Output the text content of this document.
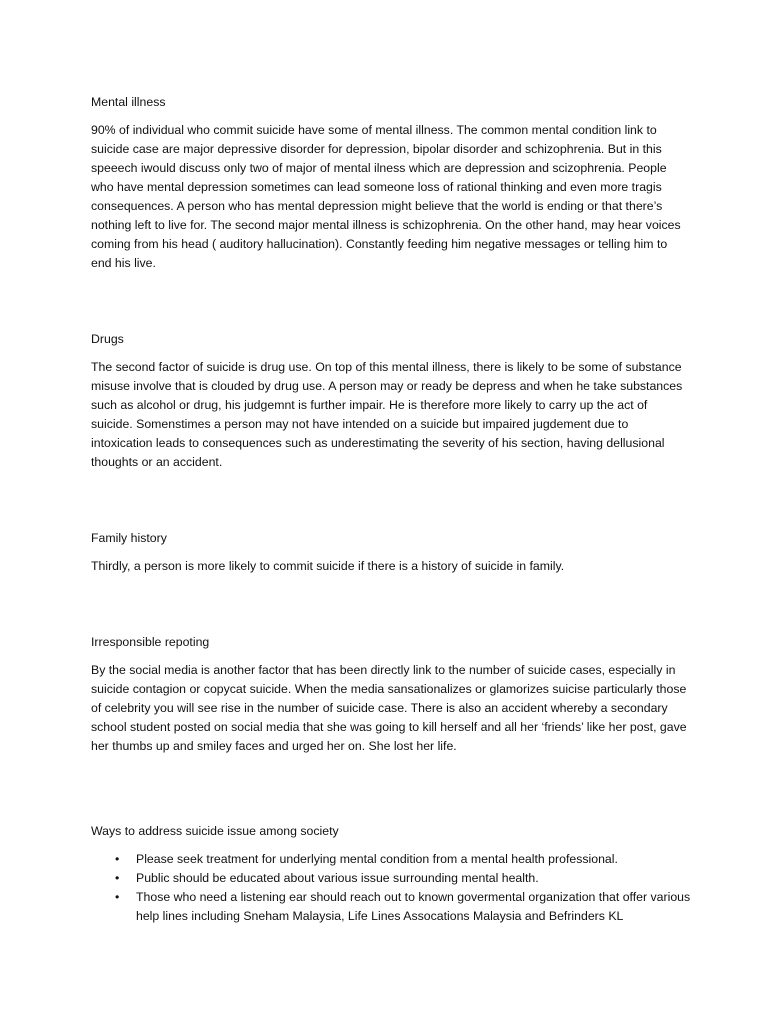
Mental illness

90% of individual who commit suicide have some of mental illness. The common mental condition link to suicide case are major depressive disorder for depression, bipolar disorder and schizophrenia. But in this speeech iwould discuss only two of major of mental ilness which are depression and scizophrenia. People who have mental depression sometimes can lead someone loss of rational thinking and even more tragis consequences. A person who has mental depression might believe that the world is ending or that there’s nothing left to live for. The second major mental illness is schizophrenia. On the other hand, may hear voices coming from his head ( auditory hallucination). Constantly feeding him negative messages or telling him to end his live.

Drugs

The second factor of suicide is drug use. On top of this mental illness, there is likely to be some of substance misuse involve that is clouded by drug use. A person may or ready be depress and when he take substances such as alcohol or drug, his judgemnt is further impair. He is therefore more likely to carry up the act of suicide. Somenstimes a person may not have intended on a suicide but impaired jugdement due to intoxication leads to consequences such as underestimating the severity of his section, having dellusional thoughts or an accident.

Family history

Thirdly, a person is more likely to commit suicide if there is a history of suicide in family.

Irresponsible repoting

By the social media is another factor that has been directly link to the number of suicide cases, especially in suicide contagion or copycat suicide. When the media sansationalizes or glamorizes suicise particularly those of celebrity you will see rise in the number of suicide case. There is also an accident whereby a secondary school student posted on social media that she was going to kill herself and all her ‘friends’ like her post, gave her thumbs up and smiley faces and urged her on. She lost her life.

Ways to address suicide issue among society
• Please seek treatment for underlying mental condition from a mental health professional.
• Public should be educated about various issue surrounding mental health.
• Those who need a listening ear should reach out to known govermental organization that offer various help lines including Sneham Malaysia, Life Lines Assocations Malaysia and Befrinders KL
